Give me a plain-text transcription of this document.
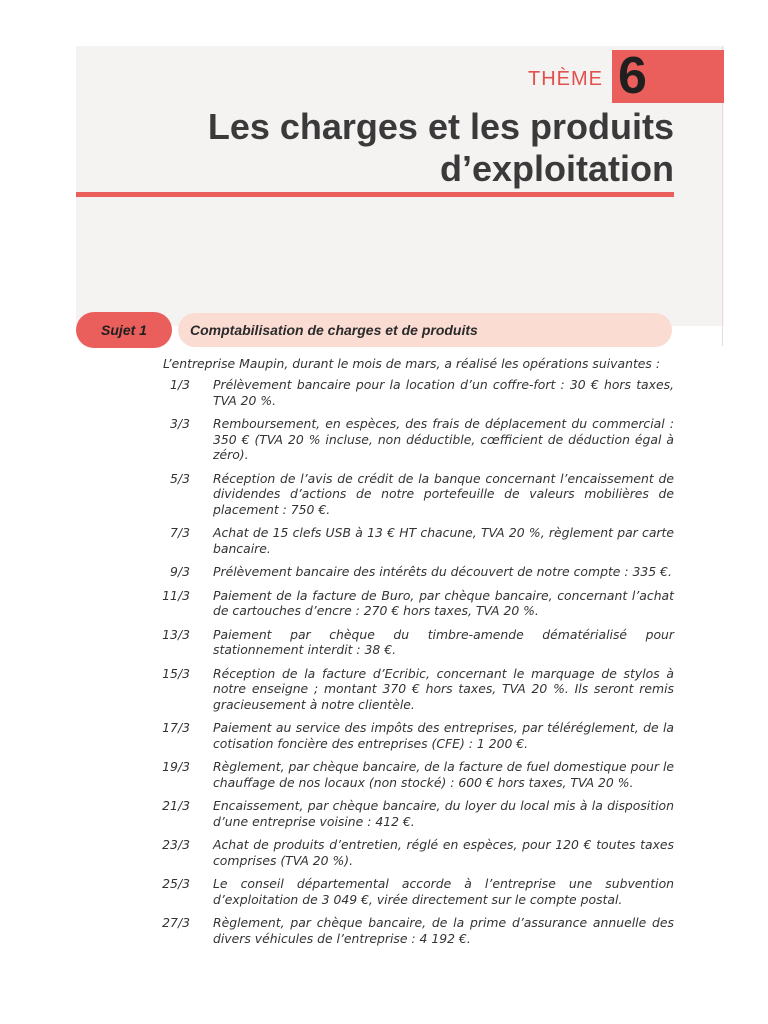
THÈME 6
Les charges et les produits
d’exploitation
Sujet 1	Comptabilisation de charges et de produits
L’entreprise Maupin, durant le mois de mars, a réalisé les opérations suivantes :
1/3 Prélèvement bancaire pour la location d’un coffre-fort : 30 € hors taxes, TVA 20 %.
3/3 Remboursement, en espèces, des frais de déplacement du commercial : 350 € (TVA 20 % incluse, non déductible, cœfficient de déduction égal à zéro).
5/3 Réception de l’avis de crédit de la banque concernant l’encaissement de dividendes d’actions de notre portefeuille de valeurs mobilières de placement : 750 €.
7/3 Achat de 15 clefs USB à 13 € HT chacune, TVA 20 %, règlement par carte bancaire.
9/3 Prélèvement bancaire des intérêts du découvert de notre compte : 335 €.
11/3 Paiement de la facture de Buro, par chèque bancaire, concernant l’achat de cartouches d’encre : 270 € hors taxes, TVA 20 %.
13/3 Paiement par chèque du timbre-amende dématérialisé pour stationnement interdit : 38 €.
15/3 Réception de la facture d’Ecribic, concernant le marquage de stylos à notre enseigne ; montant 370 € hors taxes, TVA 20 %. Ils seront remis gracieusement à notre clientèle.
17/3 Paiement au service des impôts des entreprises, par téléréglement, de la cotisation foncière des entreprises (CFE) : 1 200 €.
19/3 Règlement, par chèque bancaire, de la facture de fuel domestique pour le chauffage de nos locaux (non stocké) : 600 € hors taxes, TVA 20 %.
21/3 Encaissement, par chèque bancaire, du loyer du local mis à la disposition d’une entreprise voisine : 412 €.
23/3 Achat de produits d’entretien, réglé en espèces, pour 120 € toutes taxes comprises (TVA 20 %).
25/3 Le conseil départemental accorde à l’entreprise une subvention d’exploitation de 3 049 €, virée directement sur le compte postal.
27/3 Règlement, par chèque bancaire, de la prime d’assurance annuelle des divers véhicules de l’entreprise : 4 192 €.
